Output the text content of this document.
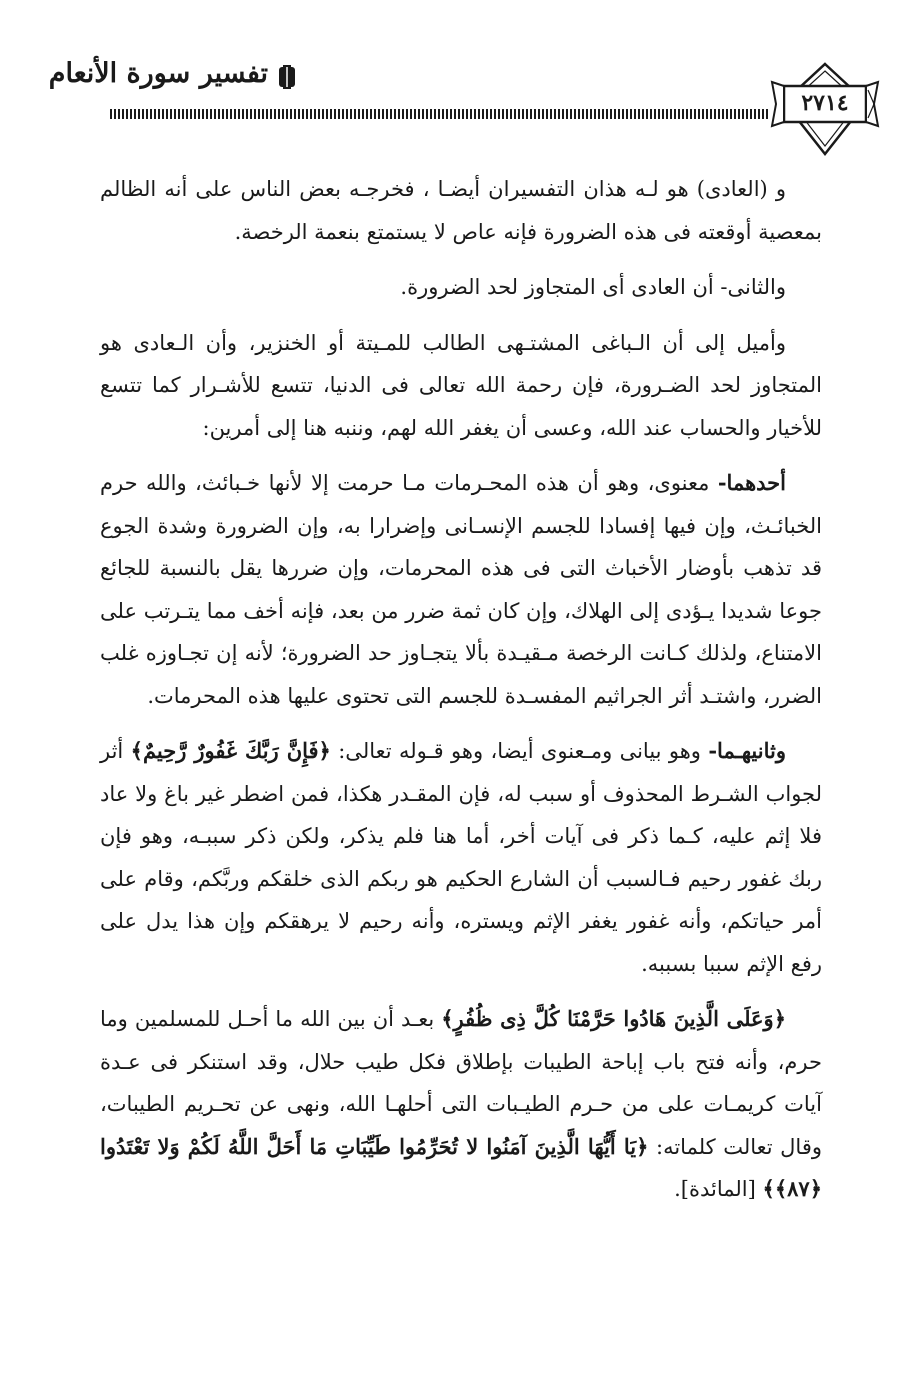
تفسير سورة الأنعام
٢٧١٤

و (العادى) هو لـه هذان التفسيران أيضـا ، فخرجـه بعض الناس على أنه الظالم بمعصية أوقعته فى هذه الضرورة فإنه عاص لا يستمتع بنعمة الرخصة.

والثانى- أن العادى أى المتجاوز لحد الضرورة.

وأميل إلى أن الـباغى المشتـهى الطالب للمـيتة أو الخنزير، وأن الـعادى هو المتجاوز لحد الضـرورة، فإن رحمة الله تعالى فى الدنيا، تتسع للأشـرار كما تتسع للأخيار والحساب عند الله، وعسى أن يغفر الله لهم، وننبه هنا إلى أمرين:

أحدهما- معنوى، وهو أن هذه المحـرمات مـا حرمت إلا لأنها خـبائث، والله حرم الخبائـث، وإن فيها إفسادا للجسم الإنسـانى وإضرارا به، وإن الضرورة وشدة الجوع قد تذهب بأوضار الأخباث التى فى هذه المحرمات، وإن ضررها يقل بالنسبة للجائع جوعا شديدا يـؤدى إلى الهلاك، وإن كان ثمة ضرر من بعد، فإنه أخف مما يتـرتب على الامتناع، ولذلك كـانت الرخصة مـقيـدة بألا يتجـاوز حد الضرورة؛ لأنه إن تجـاوزه غلب الضرر، واشتـد أثر الجراثيم المفسـدة للجسم التى تحتوى عليها هذه المحرمات.

وثانيهـما- وهو بيانى ومـعنوى أيضا، وهو قـوله تعالى: ﴿فَإِنَّ رَبَّكَ غَفُورٌ رَّحِيمٌ﴾ أثر لجواب الشـرط المحذوف أو سبب له، فإن المقـدر هكذا، فمن اضطر غير باغ ولا عاد فلا إثم عليه، كـما ذكر فى آيات أخر، أما هنا فلم يذكر، ولكن ذكر سببـه، وهو فإن ربك غفور رحيم فـالسبب أن الشارع الحكيم هو ربكم الذى خلقكم وربَّكم، وقام على أمر حياتكم، وأنه غفور يغفر الإثم ويستره، وأنه رحيم لا يرهقكم وإن هذا يدل على رفع الإثم سببا بسببه.

﴿وَعَلَى الَّذِينَ هَادُوا حَرَّمْنَا كُلَّ ذِى ظُفُرٍ﴾ بعـد أن بين الله ما أحـل للمسلمين وما حرم، وأنه فتح باب إباحة الطيبات بإطلاق فكل طيب حلال، وقد استنكر فى عـدة آيات كريمـات على من حـرم الطيـبات التى أحلهـا الله، ونهى عن تحـريم الطيبات، وقال تعالت كلماته: ﴿يَا أَيُّهَا الَّذِينَ آمَنُوا لا تُحَرِّمُوا طَيِّبَاتِ مَا أَحَلَّ اللَّهُ لَكُمْ وَلا تَعْتَدُوا ﴿٨٧﴾﴾ [المائدة].
